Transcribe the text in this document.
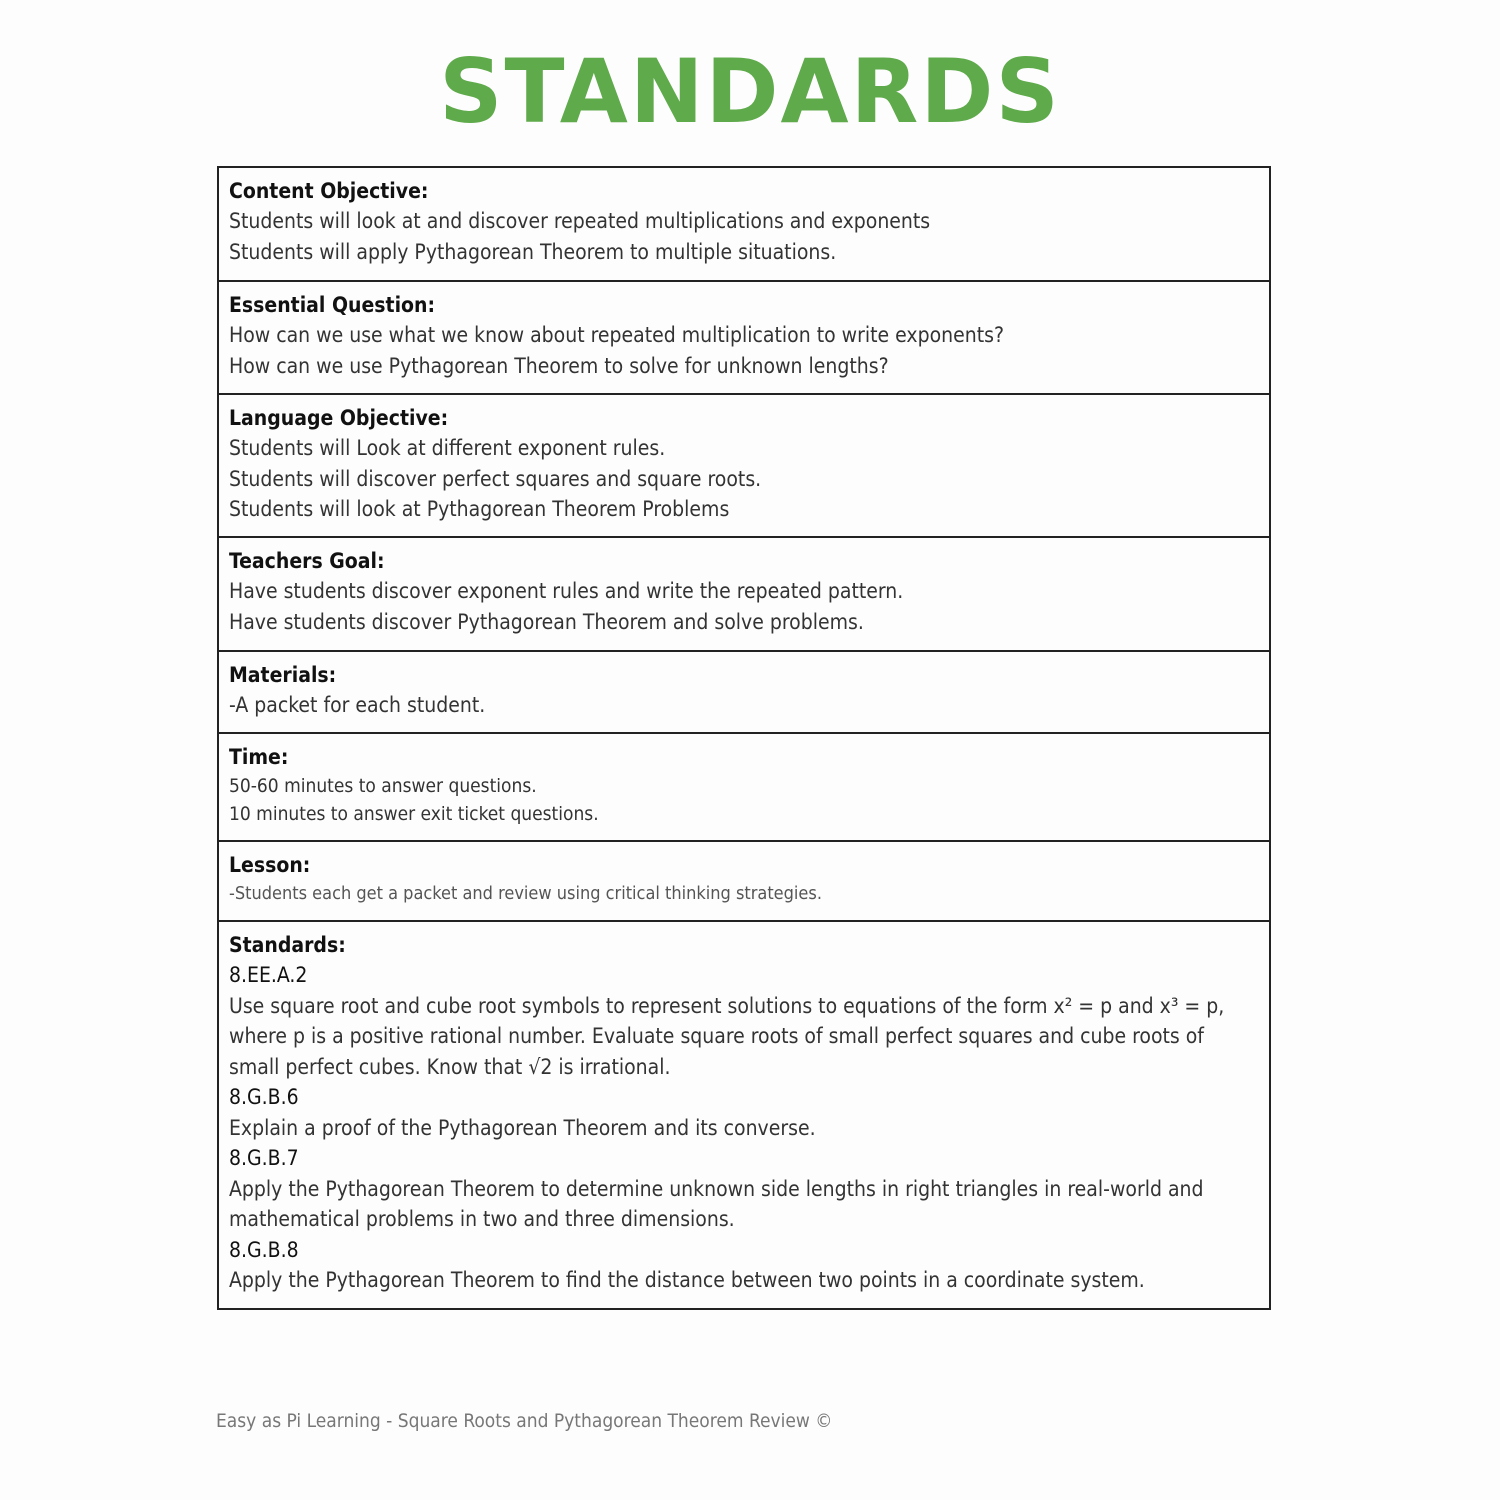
STANDARDS
Content Objective:
Students will look at and discover repeated multiplications and exponents
Students will apply Pythagorean Theorem to multiple situations.
Essential Question:
How can we use what we know about repeated multiplication to write exponents?
How can we use Pythagorean Theorem to solve for unknown lengths?
Language Objective:
Students will Look at different exponent rules.
Students will discover perfect squares and square roots.
Students will look at Pythagorean Theorem Problems
Teachers Goal:
Have students discover exponent rules and write the repeated pattern.
Have students discover Pythagorean Theorem and solve problems.
Materials:
-A packet for each student.
Time:
50-60 minutes to answer questions.
10 minutes to answer exit ticket questions.
Lesson:
-Students each get a packet and review using critical thinking strategies.
Standards:
8.EE.A.2
Use square root and cube root symbols to represent solutions to equations of the form x² = p and x³ = p, where p is a positive rational number. Evaluate square roots of small perfect squares and cube roots of small perfect cubes. Know that √2 is irrational.
8.G.B.6
Explain a proof of the Pythagorean Theorem and its converse.
8.G.B.7
Apply the Pythagorean Theorem to determine unknown side lengths in right triangles in real-world and mathematical problems in two and three dimensions.
8.G.B.8
Apply the Pythagorean Theorem to find the distance between two points in a coordinate system.
Easy as Pi Learning - Square Roots and Pythagorean Theorem Review ©
